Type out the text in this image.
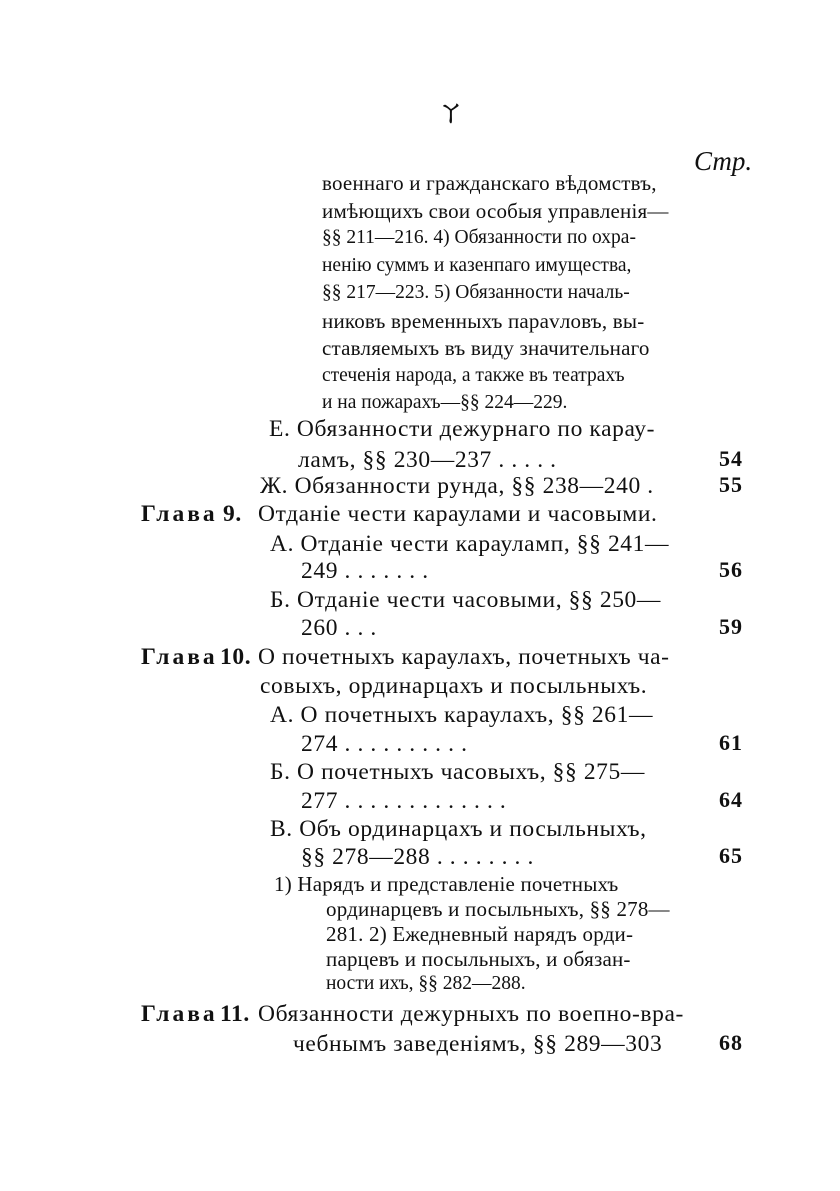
ㄚ
Стр.
военнаго и гражданскаго вѣдомствъ,
имѣющихъ свои особыя управленія—
§§ 211—216. 4) Обязанности по охра-
ненію суммъ и казенпаго имущества,
§§ 217—223. 5) Обязанности началь-
никовъ временныхъ параvловъ, вы-
ставляемыхъ въ виду значительнаго
стеченія народа, а также въ театрахъ
и на пожарахъ—§§ 224—229.
Е. Обязанности дежурнаго по карау-
ламъ, §§ 230—237 . . . . .	54
Ж. Обязанности рунда, §§ 238—240 .	55
Глава 9. Отданіе чести караулами и часовыми.
А. Отданіе чести карауламп, §§ 241—
249 . . . . . . .	56
Б. Отданіе чести часовыми, §§ 250—
260 . . .	59
Глава 10. О почетныхъ караулахъ, почетныхъ ча-
совыхъ, ординарцахъ и посыльныхъ.
А. О почетныхъ караулахъ, §§ 261—
274 . . . . . . . . . .	61
Б. О почетныхъ часовыхъ, §§ 275—
277 . . . . . . . . . . . . .	64
В. Объ ординарцахъ и посыльныхъ,
§§ 278—288 . . . . . . . .	65
1) Нарядъ и представленіе почетныхъ
ординарцевъ и посыльныхъ, §§ 278—
281. 2) Ежедневный нарядъ орди-
парцевъ и посыльныхъ, и обязан-
ности ихъ, §§ 282—288.
Глава 11. Обязанности дежурныхъ по воепно-вра-
чебнымъ заведеніямъ, §§ 289—303	68
